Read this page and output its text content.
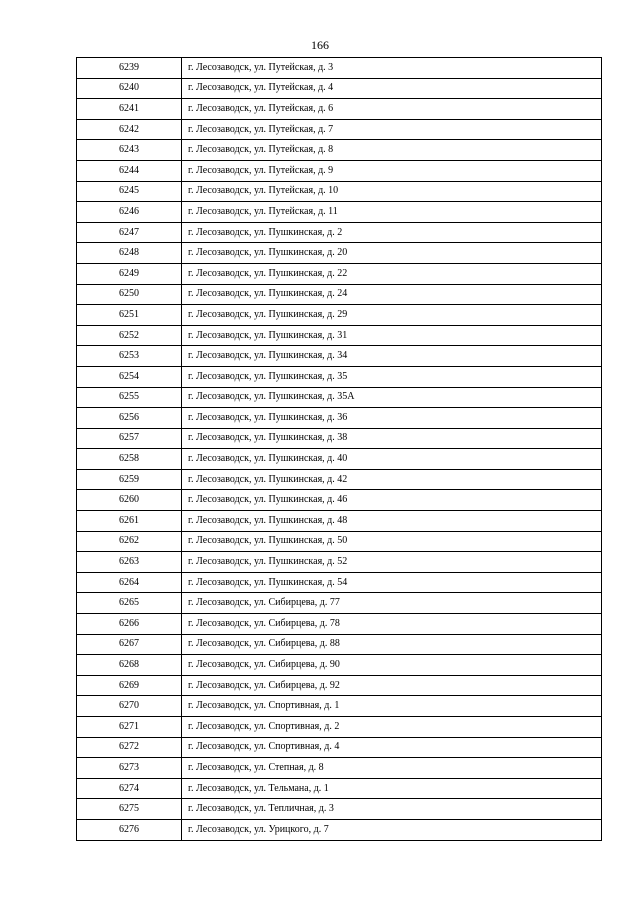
166
6239	г. Лесозаводск, ул. Путейская, д. 3
6240	г. Лесозаводск, ул. Путейская, д. 4
6241	г. Лесозаводск, ул. Путейская, д. 6
6242	г. Лесозаводск, ул. Путейская, д. 7
6243	г. Лесозаводск, ул. Путейская, д. 8
6244	г. Лесозаводск, ул. Путейская, д. 9
6245	г. Лесозаводск, ул. Путейская, д. 10
6246	г. Лесозаводск, ул. Путейская, д. 11
6247	г. Лесозаводск, ул. Пушкинская, д. 2
6248	г. Лесозаводск, ул. Пушкинская, д. 20
6249	г. Лесозаводск, ул. Пушкинская, д. 22
6250	г. Лесозаводск, ул. Пушкинская, д. 24
6251	г. Лесозаводск, ул. Пушкинская, д. 29
6252	г. Лесозаводск, ул. Пушкинская, д. 31
6253	г. Лесозаводск, ул. Пушкинская, д. 34
6254	г. Лесозаводск, ул. Пушкинская, д. 35
6255	г. Лесозаводск, ул. Пушкинская, д. 35А
6256	г. Лесозаводск, ул. Пушкинская, д. 36
6257	г. Лесозаводск, ул. Пушкинская, д. 38
6258	г. Лесозаводск, ул. Пушкинская, д. 40
6259	г. Лесозаводск, ул. Пушкинская, д. 42
6260	г. Лесозаводск, ул. Пушкинская, д. 46
6261	г. Лесозаводск, ул. Пушкинская, д. 48
6262	г. Лесозаводск, ул. Пушкинская, д. 50
6263	г. Лесозаводск, ул. Пушкинская, д. 52
6264	г. Лесозаводск, ул. Пушкинская, д. 54
6265	г. Лесозаводск, ул. Сибирцева, д. 77
6266	г. Лесозаводск, ул. Сибирцева, д. 78
6267	г. Лесозаводск, ул. Сибирцева, д. 88
6268	г. Лесозаводск, ул. Сибирцева, д. 90
6269	г. Лесозаводск, ул. Сибирцева, д. 92
6270	г. Лесозаводск, ул. Спортивная, д. 1
6271	г. Лесозаводск, ул. Спортивная, д. 2
6272	г. Лесозаводск, ул. Спортивная, д. 4
6273	г. Лесозаводск, ул. Степная, д. 8
6274	г. Лесозаводск, ул. Тельмана, д. 1
6275	г. Лесозаводск, ул. Тепличная, д. 3
6276	г. Лесозаводск, ул. Урицкого, д. 7
